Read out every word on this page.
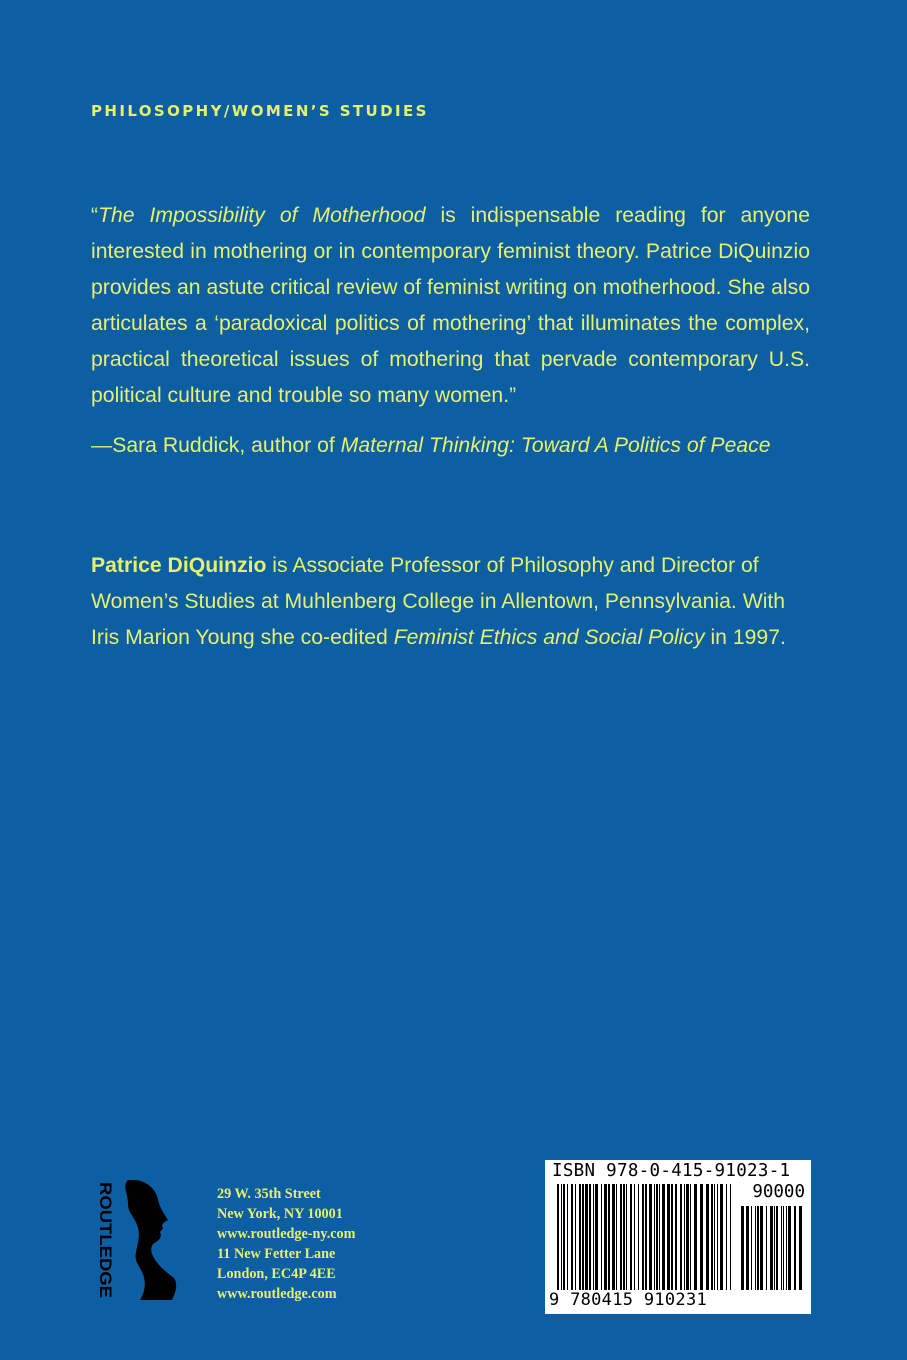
PHILOSOPHY/WOMEN’S STUDIES
“The Impossibility of Motherhood is indispensable reading for anyone interested in mothering or in contemporary feminist theory. Patrice DiQuinzio provides an astute critical review of feminist writing on motherhood. She also articulates a ‘paradoxical politics of mothering’ that illuminates the complex, practical theoretical issues of mothering that pervade contemporary U.S. political culture and trouble so many women.”
—Sara Ruddick, author of Maternal Thinking: Toward A Politics of Peace
Patrice DiQuinzio is Associate Professor of Philosophy and Director of Women’s Studies at Muhlenberg College in Allentown, Pennsylvania. With Iris Marion Young she co-edited Feminist Ethics and Social Policy in 1997.
ROUTLEDGE	29 W. 35th Street
New York, NY 10001
www.routledge-ny.com
11 New Fetter Lane
London, EC4P 4EE
www.routledge.com
ISBN 978-0-415-91023-1
90000
9 780415 910231
